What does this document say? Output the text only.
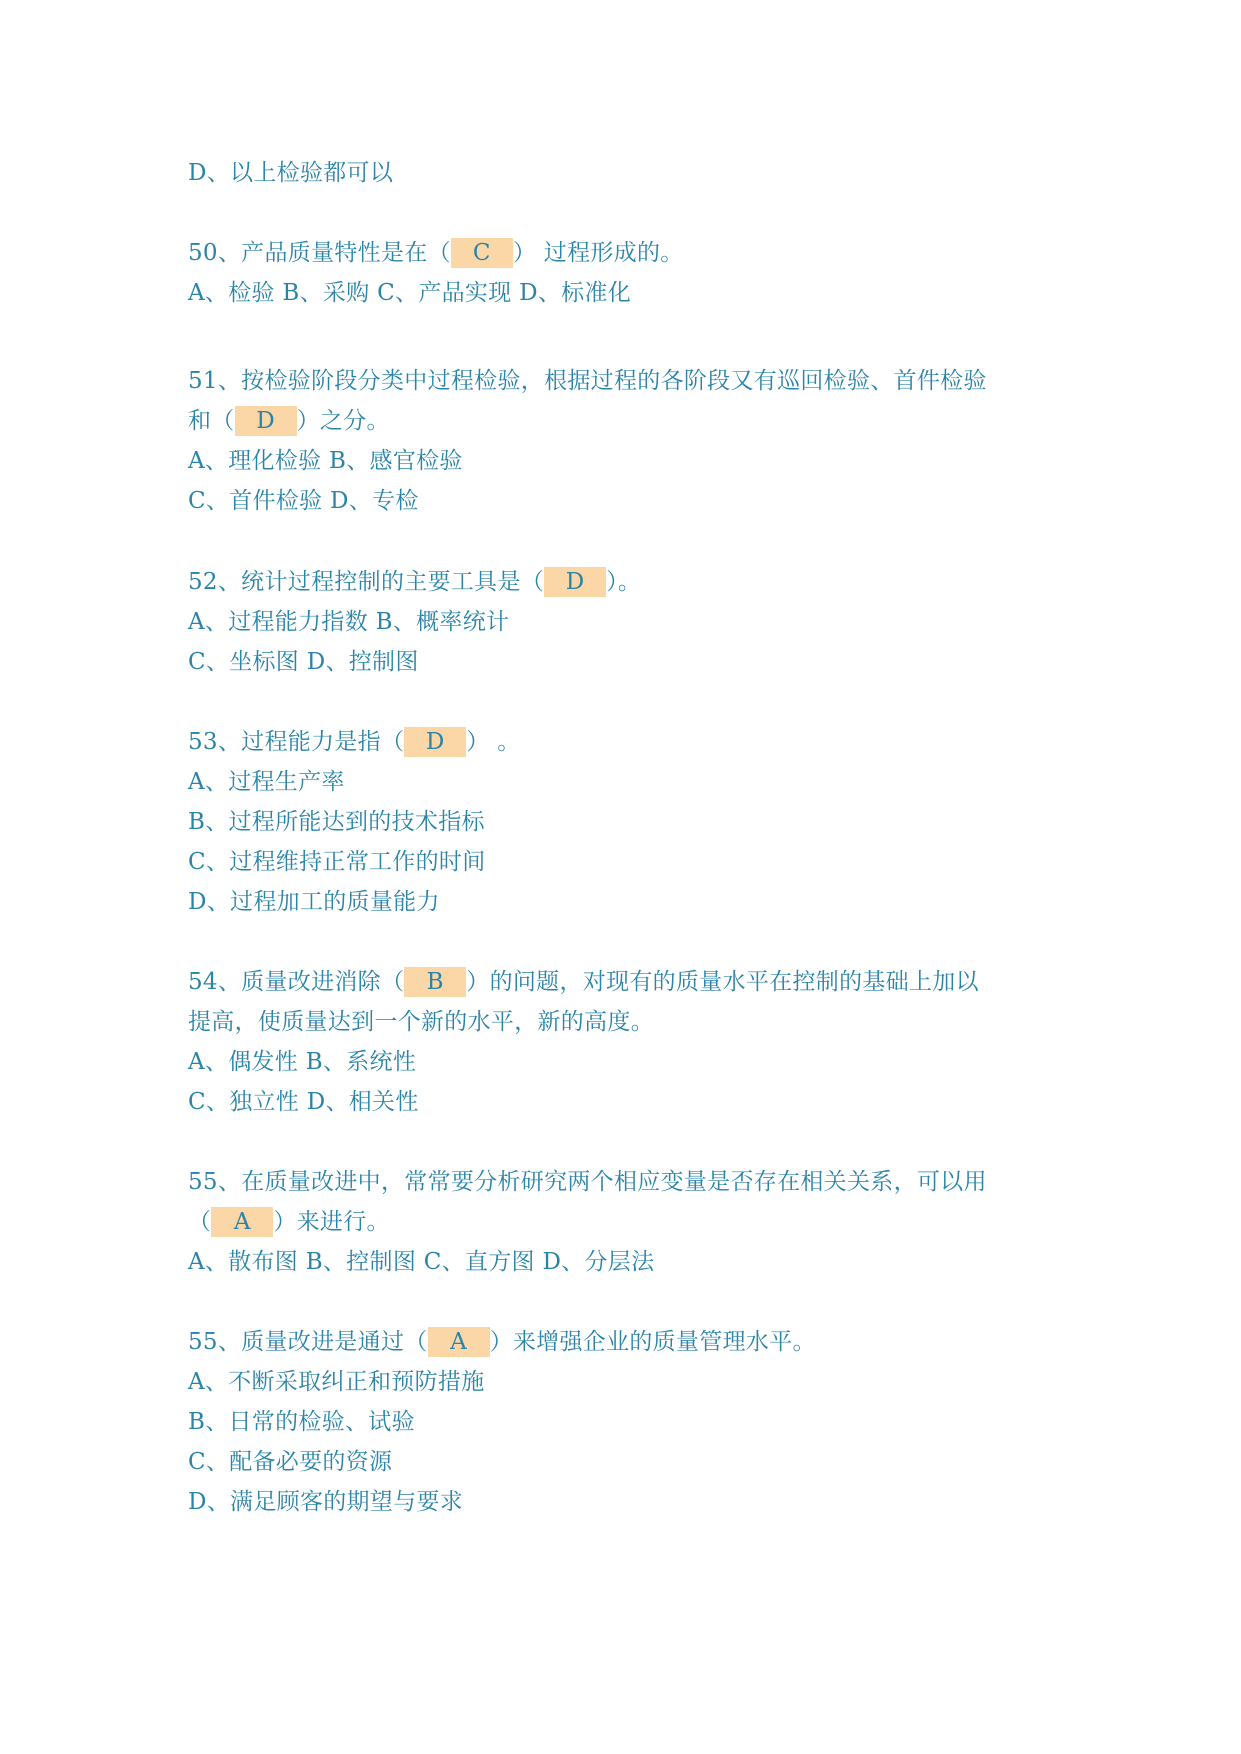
D、以上检验都可以
50、产品质量特性是在（ C ） 过程形成的。
A、检验 B、采购 C、产品实现 D、标准化
51、按检验阶段分类中过程检验，根据过程的各阶段又有巡回检验、首件检验
和（ D ）之分。
A、理化检验 B、感官检验
C、首件检验 D、专检
52、统计过程控制的主要工具是（ D ）。
A、过程能力指数 B、概率统计
C、坐标图 D、控制图
53、过程能力是指（ D ） 。
A、过程生产率
B、过程所能达到的技术指标
C、过程维持正常工作的时间
D、过程加工的质量能力
54、质量改进消除（ B ）的问题，对现有的质量水平在控制的基础上加以
提高，使质量达到一个新的水平，新的高度。
A、偶发性 B、系统性
C、独立性 D、相关性
55、在质量改进中，常常要分析研究两个相应变量是否存在相关关系，可以用
（ A ）来进行。
A、散布图 B、控制图 C、直方图 D、分层法
55、质量改进是通过（ A ）来增强企业的质量管理水平。
A、不断采取纠正和预防措施
B、日常的检验、试验
C、配备必要的资源
D、满足顾客的期望与要求
